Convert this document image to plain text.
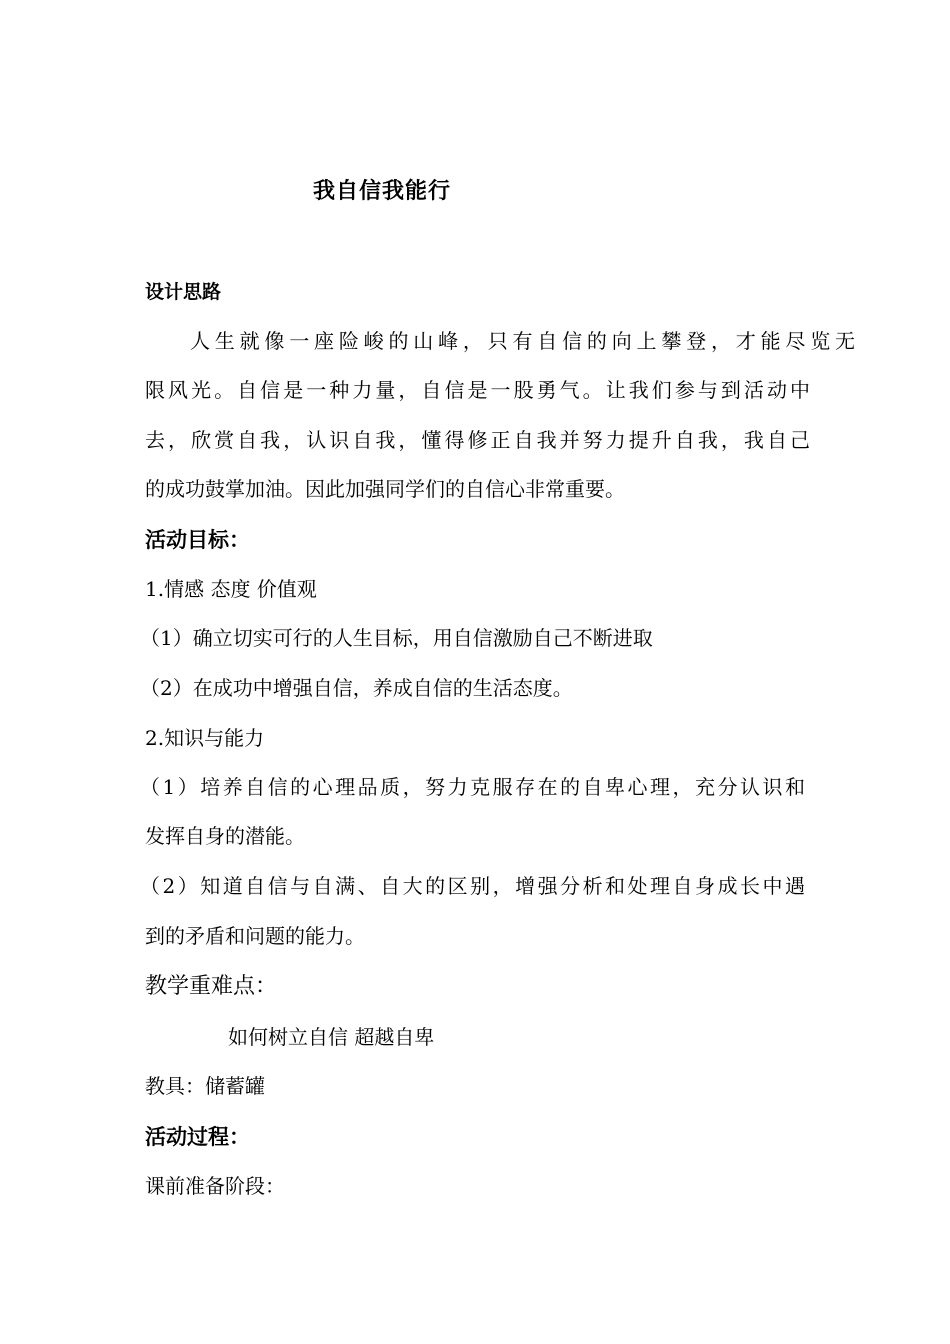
我自信我能行
设计思路
人生就像一座险峻的山峰，只有自信的向上攀登，才能尽览无
限风光。自信是一种力量，自信是一股勇气。让我们参与到活动中
去，欣赏自我，认识自我，懂得修正自我并努力提升自我，我自己
的成功鼓掌加油。因此加强同学们的自信心非常重要。
活动目标：
1.情感 态度 价值观
（1）确立切实可行的人生目标，用自信激励自己不断进取
（2）在成功中增强自信，养成自信的生活态度。
2.知识与能力
（1）培养自信的心理品质，努力克服存在的自卑心理，充分认识和
发挥自身的潜能。
（2）知道自信与自满、自大的区别，增强分析和处理自身成长中遇
到的矛盾和问题的能力。
教学重难点：
如何树立自信 超越自卑
教具：储蓄罐
活动过程：
课前准备阶段：
